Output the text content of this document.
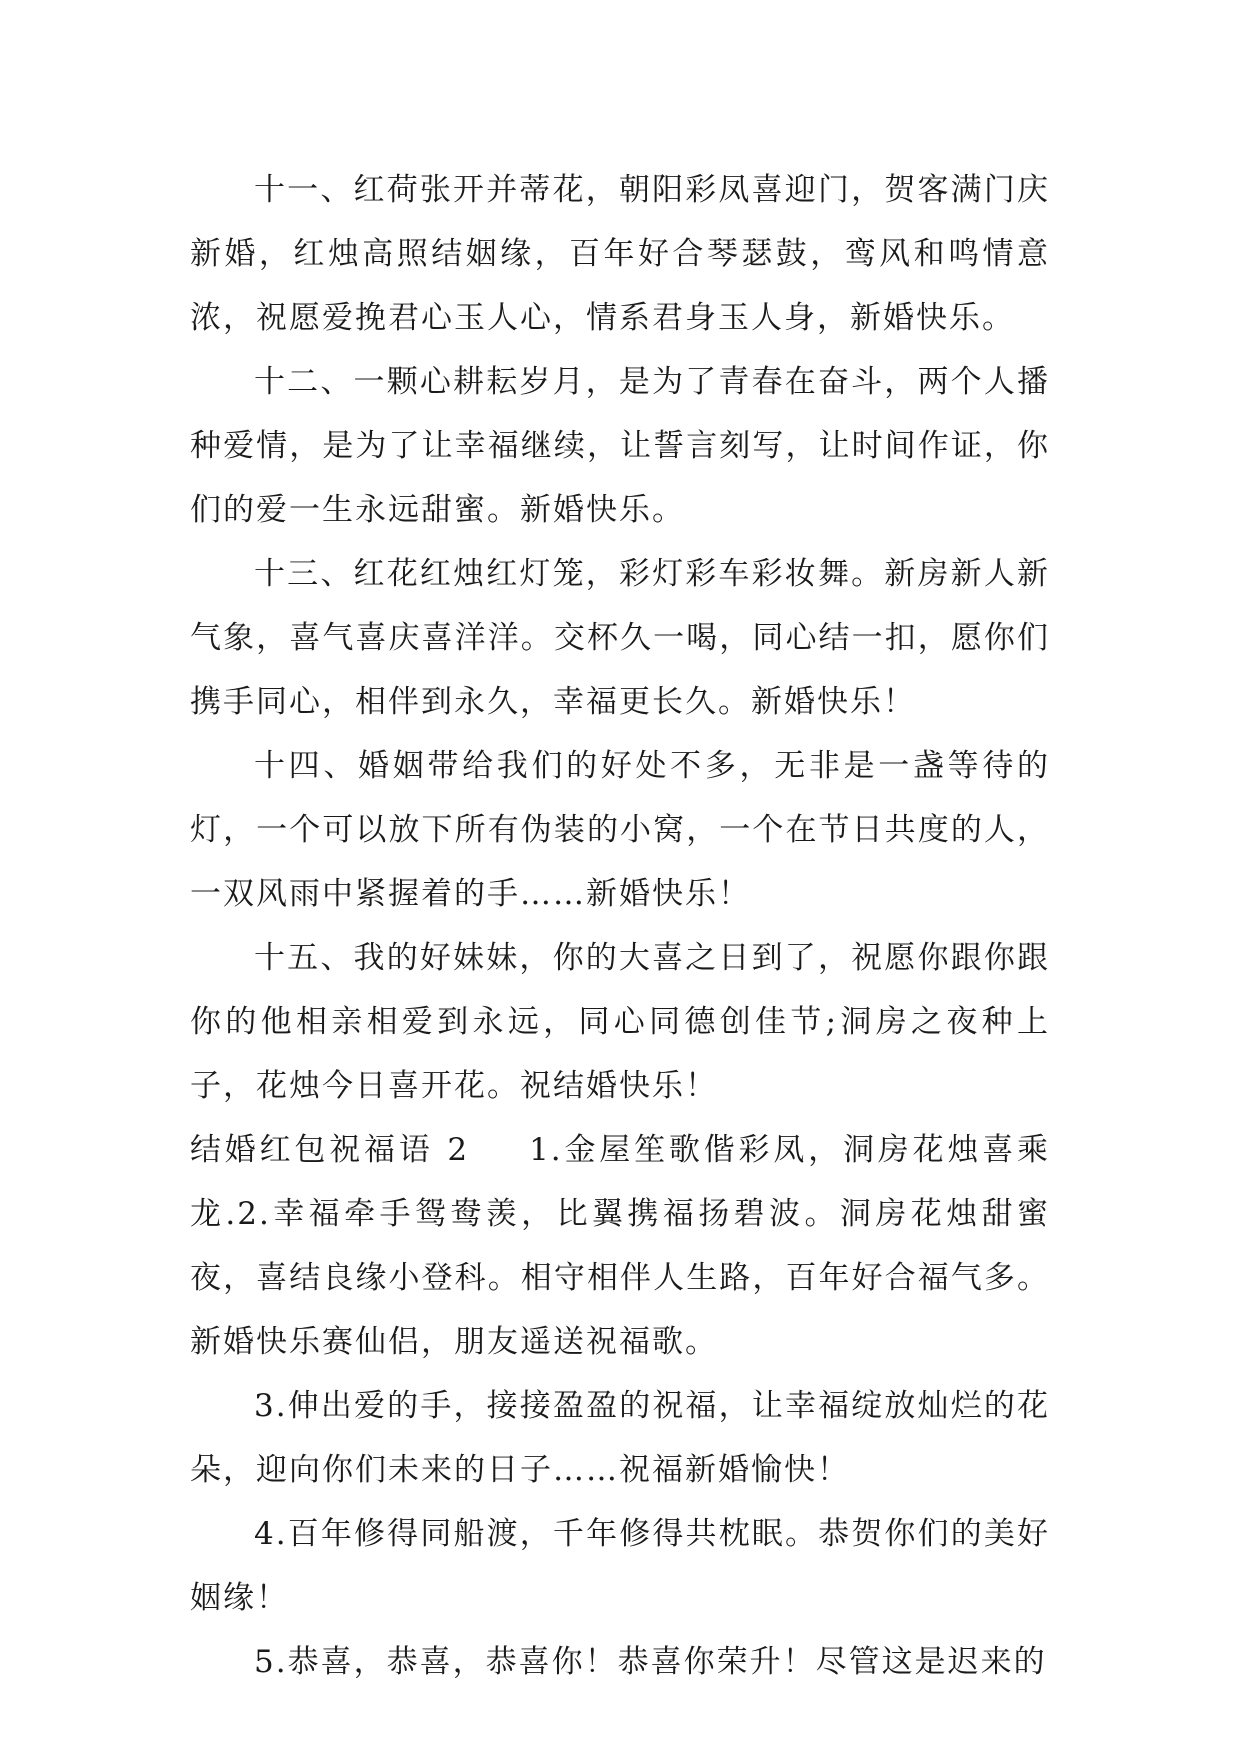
十一、红荷张开并蒂花，朝阳彩凤喜迎门，贺客满门庆新婚，红烛高照结姻缘，百年好合琴瑟鼓，鸾风和鸣情意浓，祝愿爱挽君心玉人心，情系君身玉人身，新婚快乐。

十二、一颗心耕耘岁月，是为了青春在奋斗，两个人播种爱情，是为了让幸福继续，让誓言刻写，让时间作证，你们的爱一生永远甜蜜。新婚快乐。

十三、红花红烛红灯笼，彩灯彩车彩妆舞。新房新人新气象，喜气喜庆喜洋洋。交杯久一喝，同心结一扣，愿你们携手同心，相伴到永久，幸福更长久。新婚快乐！

十四、婚姻带给我们的好处不多，无非是一盏等待的灯，一个可以放下所有伪装的小窝，一个在节日共度的人，一双风雨中紧握着的手……新婚快乐！

十五、我的好妹妹，你的大喜之日到了，祝愿你跟你跟你的他相亲相爱到永远，同心同德创佳节;洞房之夜种上子，花烛今日喜开花。祝结婚快乐！

结婚红包祝福语 2 1.金屋笙歌偕彩凤，洞房花烛喜乘龙.2.幸福牵手鸳鸯羡，比翼携福扬碧波。洞房花烛甜蜜夜，喜结良缘小登科。相守相伴人生路，百年好合福气多。新婚快乐赛仙侣，朋友遥送祝福歌。

3.伸出爱的手，接接盈盈的祝福，让幸福绽放灿烂的花朵，迎向你们未来的日子……祝福新婚愉快！

4.百年修得同船渡，千年修得共枕眠。恭贺你们的美好姻缘！

5.恭喜，恭喜，恭喜你！恭喜你荣升！尽管这是迟来的
